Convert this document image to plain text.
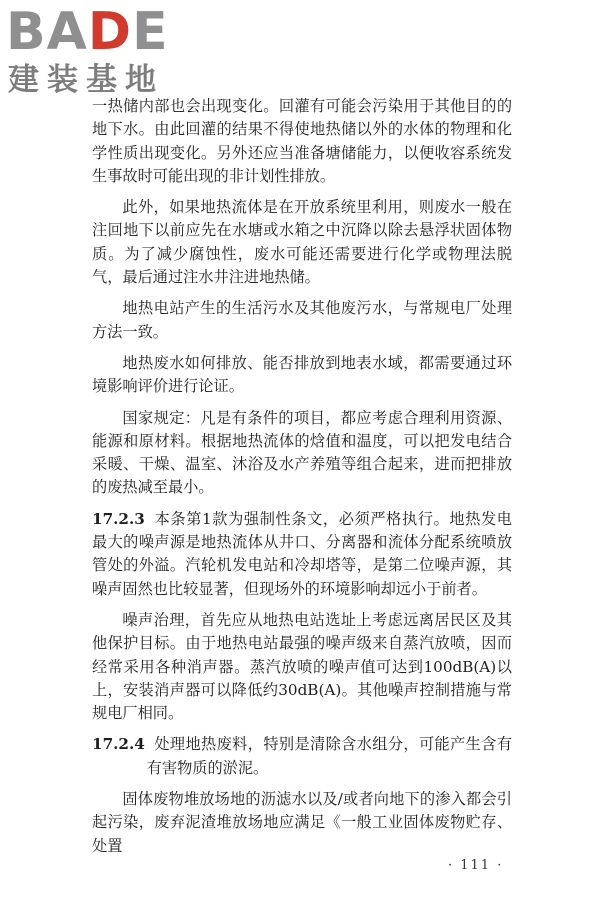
BADE
建装基地

一热储内部也会出现变化。回灌有可能会污染用于其他目的的地下水。由此回灌的结果不得使地热储以外的水体的物理和化学性质出现变化。另外还应当准备塘储能力，以便收容系统发生事故时可能出现的非计划性排放。

此外，如果地热流体是在开放系统里利用，则废水一般在注回地下以前应先在水塘或水箱之中沉降以除去悬浮状固体物质。为了减少腐蚀性，废水可能还需要进行化学或物理法脱气，最后通过注水井注进地热储。

地热电站产生的生活污水及其他废污水，与常规电厂处理方法一致。

地热废水如何排放、能否排放到地表水域，都需要通过环境影响评价进行论证。

国家规定：凡是有条件的项目，都应考虑合理利用资源、能源和原材料。根据地热流体的焓值和温度，可以把发电结合采暖、干燥、温室、沐浴及水产养殖等组合起来，进而把排放的废热减至最小。

17.2.3 本条第1款为强制性条文，必须严格执行。地热发电最大的噪声源是地热流体从井口、分离器和流体分配系统喷放管处的外溢。汽轮机发电站和冷却塔等，是第二位噪声源，其噪声固然也比较显著，但现场外的环境影响却远小于前者。

噪声治理，首先应从地热电站选址上考虑远离居民区及其他保护目标。由于地热电站最强的噪声级来自蒸汽放喷，因而经常采用各种消声器。蒸汽放喷的噪声值可达到100dB(A)以上，安装消声器可以降低约30dB(A)。其他噪声控制措施与常规电厂相同。

17.2.4 处理地热废料，特别是清除含水组分，可能产生含有有害物质的淤泥。

固体废物堆放场地的沥滤水以及/或者向地下的渗入都会引起污染，废弃泥渣堆放场地应满足《一般工业固体废物贮存、处置

· 111 ·
